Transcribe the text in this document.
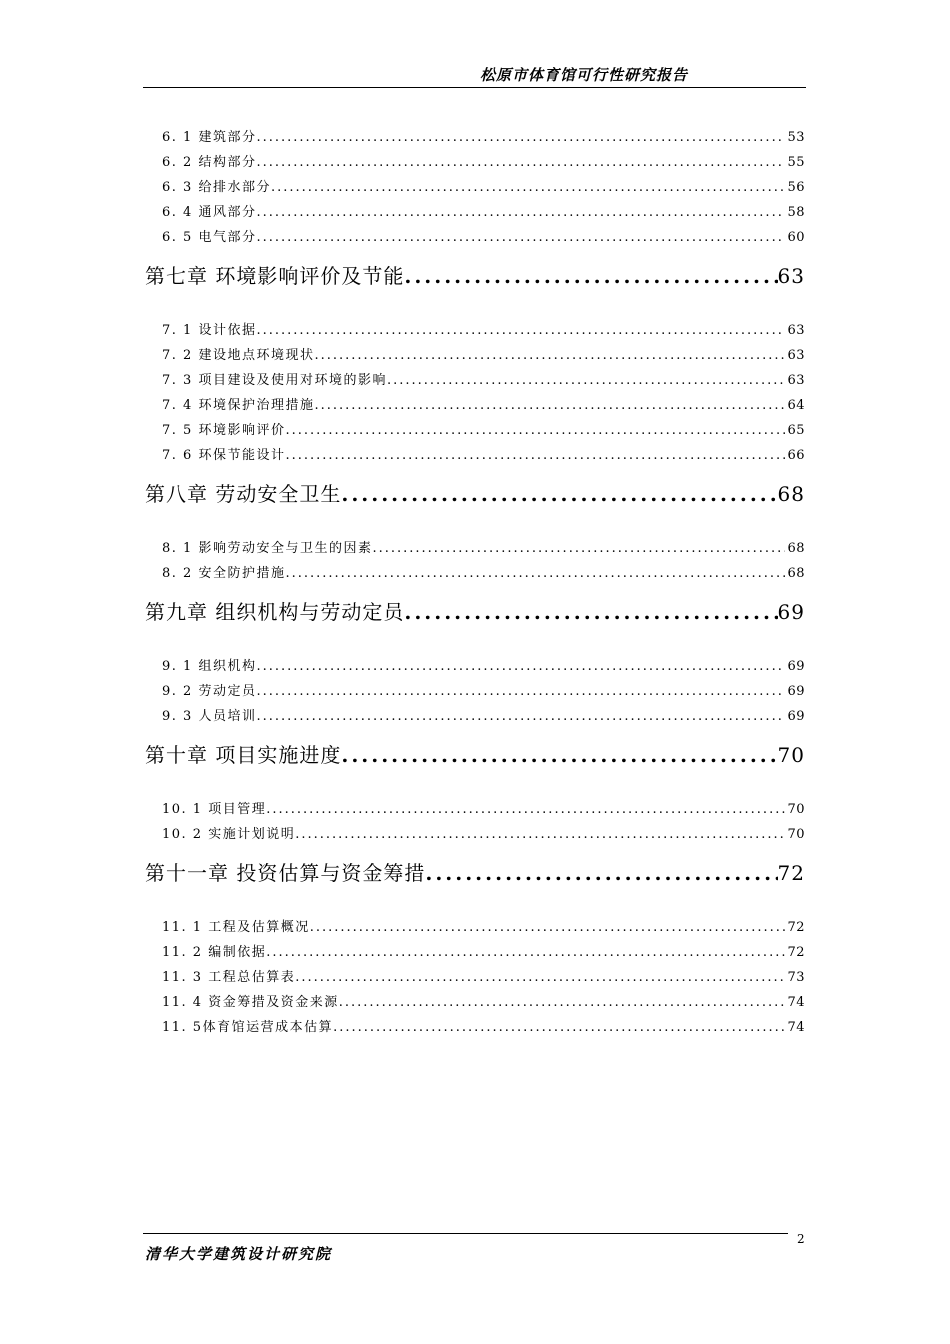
松原市体育馆可行性研究报告
6. 1 建筑部分 .....	53
6. 2 结构部分 .....	55
6. 3 给排水部分 .....	56
6. 4 通风部分 .....	58
6. 5 电气部分 .....	60
第七章 环境影响评价及节能 .....	63
7. 1 设计依据 .....	63
7. 2 建设地点环境现状 .....	63
7. 3 项目建设及使用对环境的影响 .....	63
7. 4 环境保护治理措施 .....	64
7. 5 环境影响评价 .....	65
7. 6 环保节能设计 .....	66
第八章 劳动安全卫生 .....	68
8. 1 影响劳动安全与卫生的因素 .....	68
8. 2 安全防护措施 .....	68
第九章 组织机构与劳动定员 .....	69
9. 1 组织机构 .....	69
9. 2 劳动定员 .....	69
9. 3 人员培训 .....	69
第十章 项目实施进度 .....	70
10. 1 项目管理 .....	70
10. 2 实施计划说明 .....	70
第十一章 投资估算与资金筹措 .....	72
11. 1 工程及估算概况 .....	72
11. 2 编制依据 .....	72
11. 3 工程总估算表 .....	73
11. 4 资金筹措及资金来源 .....	74
11. 5体育馆运营成本估算 .....	74
2
清华大学建筑设计研究院
